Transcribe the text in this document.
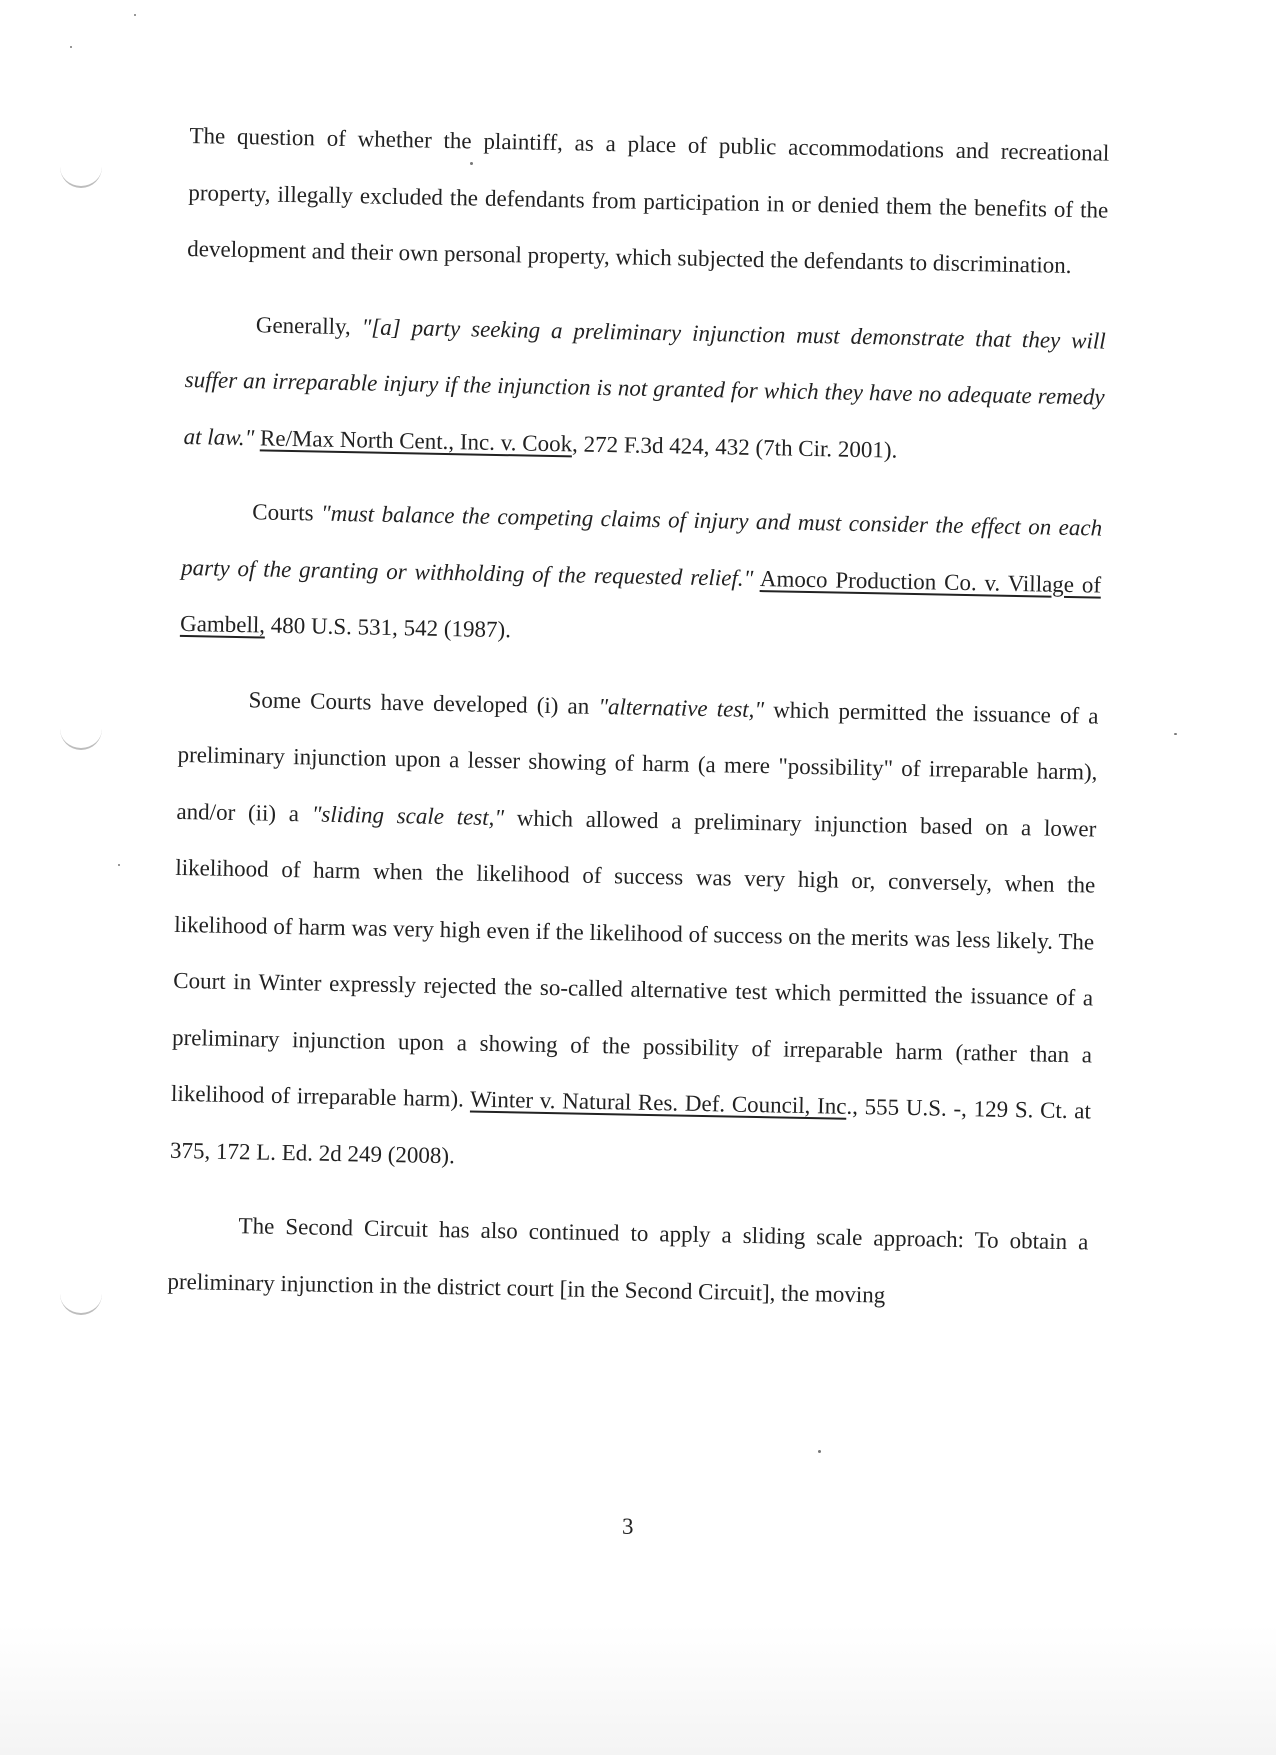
The question of whether the plaintiff, as a place of public accommodations and recreational property, illegally excluded the defendants from participation in or denied them the benefits of the development and their own personal property, which subjected the defendants to discrimination.

Generally, "[a] party seeking a preliminary injunction must demonstrate that they will suffer an irreparable injury if the injunction is not granted for which they have no adequate remedy at law." Re/Max North Cent., Inc. v. Cook, 272 F.3d 424, 432 (7th Cir. 2001).

Courts "must balance the competing claims of injury and must consider the effect on each party of the granting or withholding of the requested relief." Amoco Production Co. v. Village of Gambell, 480 U.S. 531, 542 (1987).

Some Courts have developed (i) an "alternative test," which permitted the issuance of a preliminary injunction upon a lesser showing of harm (a mere "possibility" of irreparable harm), and/or (ii) a "sliding scale test," which allowed a preliminary injunction based on a lower likelihood of harm when the likelihood of success was very high or, conversely, when the likelihood of harm was very high even if the likelihood of success on the merits was less likely. The Court in Winter expressly rejected the so-called alternative test which permitted the issuance of a preliminary injunction upon a showing of the possibility of irreparable harm (rather than a likelihood of irreparable harm). Winter v. Natural Res. Def. Council, Inc., 555 U.S. -, 129 S. Ct. at 375, 172 L. Ed. 2d 249 (2008).

The Second Circuit has also continued to apply a sliding scale approach: To obtain a preliminary injunction in the district court [in the Second Circuit], the moving

3
